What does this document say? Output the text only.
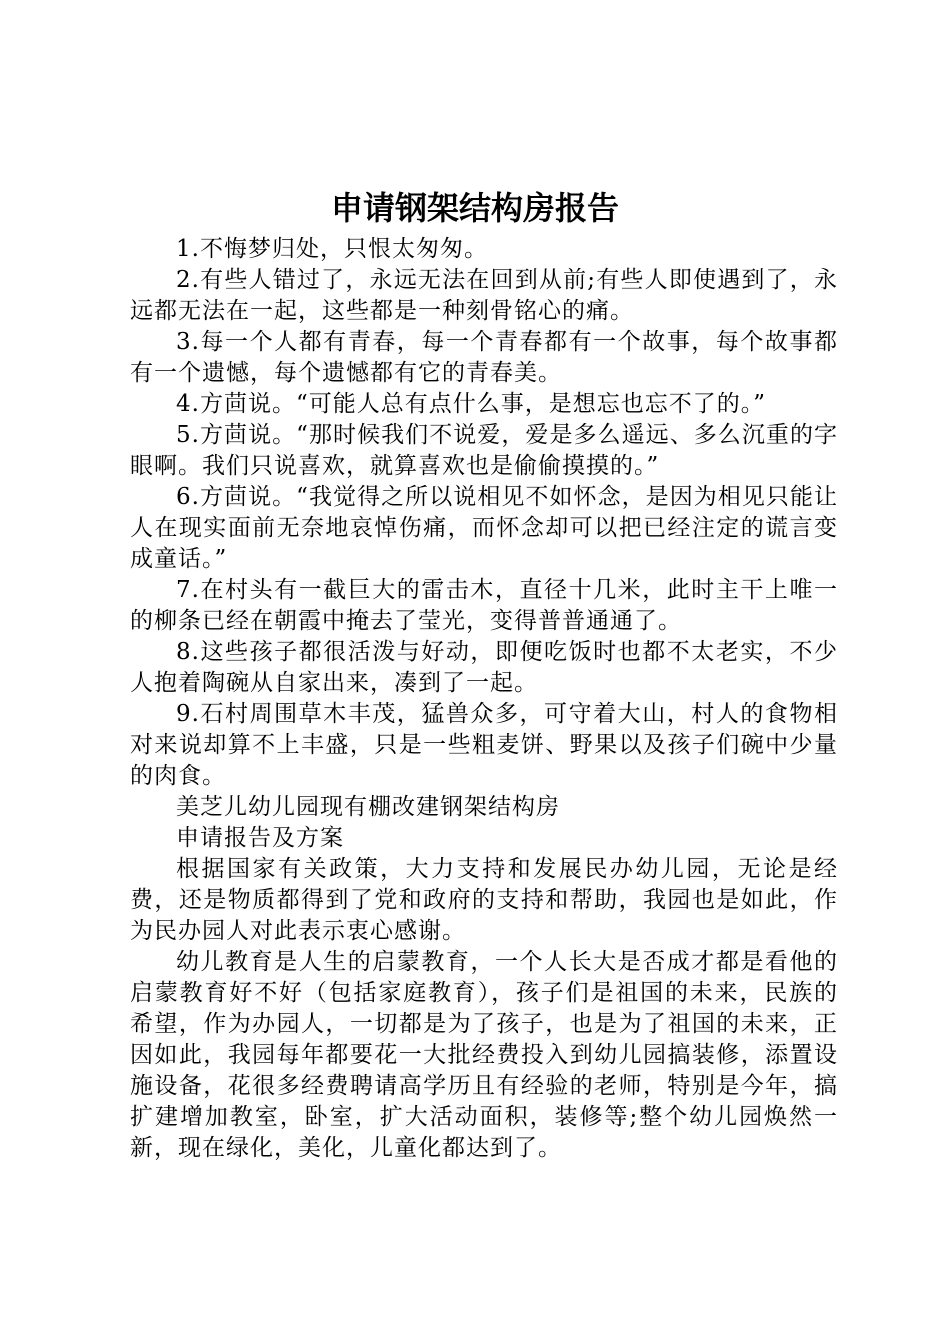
申请钢架结构房报告

1.不悔梦归处，只恨太匆匆。

2.有些人错过了，永远无法在回到从前;有些人即使遇到了，永远都无法在一起，这些都是一种刻骨铭心的痛。

3.每一个人都有青春，每一个青春都有一个故事，每个故事都有一个遗憾，每个遗憾都有它的青春美。

4.方茴说。“可能人总有点什么事，是想忘也忘不了的。”

5.方茴说。“那时候我们不说爱，爱是多么遥远、多么沉重的字眼啊。我们只说喜欢，就算喜欢也是偷偷摸摸的。”

6.方茴说。“我觉得之所以说相见不如怀念，是因为相见只能让人在现实面前无奈地哀悼伤痛，而怀念却可以把已经注定的谎言变成童话。”

7.在村头有一截巨大的雷击木，直径十几米，此时主干上唯一的柳条已经在朝霞中掩去了莹光，变得普普通通了。

8.这些孩子都很活泼与好动，即便吃饭时也都不太老实，不少人抱着陶碗从自家出来，凑到了一起。

9.石村周围草木丰茂，猛兽众多，可守着大山，村人的食物相对来说却算不上丰盛，只是一些粗麦饼、野果以及孩子们碗中少量的肉食。

美芝儿幼儿园现有棚改建钢架结构房

申请报告及方案

根据国家有关政策，大力支持和发展民办幼儿园，无论是经费，还是物质都得到了党和政府的支持和帮助，我园也是如此，作为民办园人对此表示衷心感谢。

幼儿教育是人生的启蒙教育，一个人长大是否成才都是看他的启蒙教育好不好（包括家庭教育），孩子们是祖国的未来，民族的希望，作为办园人，一切都是为了孩子，也是为了祖国的未来，正因如此，我园每年都要花一大批经费投入到幼儿园搞装修，添置设施设备，花很多经费聘请高学历且有经验的老师，特别是今年，搞扩建增加教室，卧室，扩大活动面积，装修等;整个幼儿园焕然一新，现在绿化，美化，儿童化都达到了。
